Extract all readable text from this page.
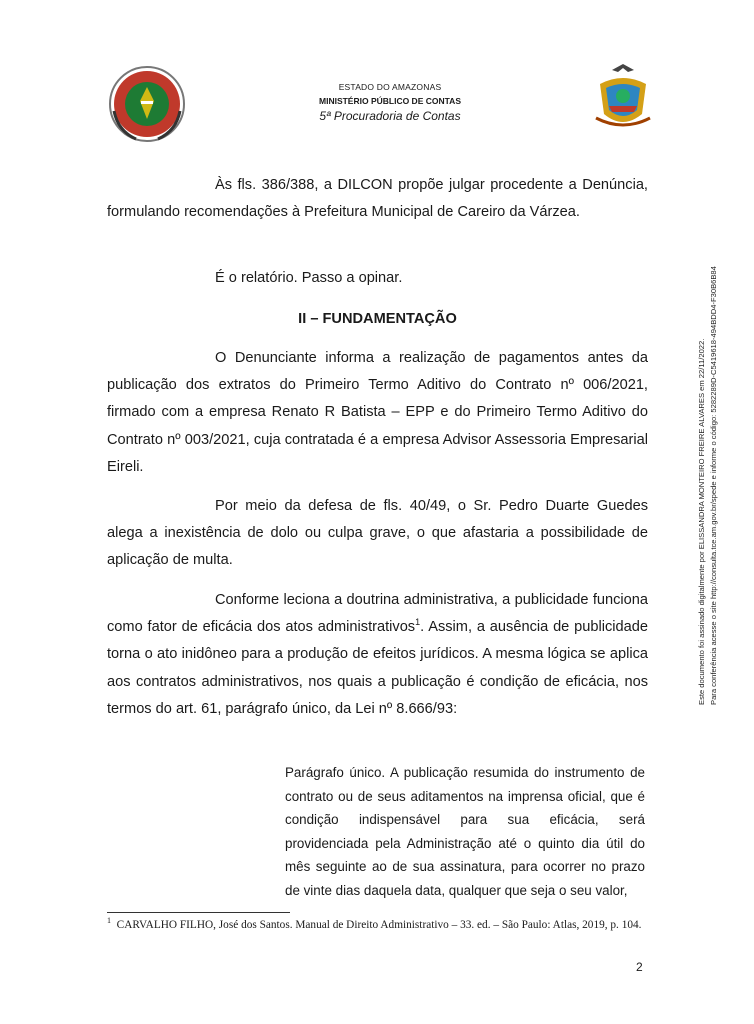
ESTADO DO AMAZONAS
MINISTÉRIO PÚBLICO DE CONTAS
5ª Procuradoria de Contas

Às fls. 386/388, a DILCON propõe julgar procedente a Denúncia, formulando recomendações à Prefeitura Municipal de Careiro da Várzea.

É o relatório. Passo a opinar.

II – FUNDAMENTAÇÃO

O Denunciante informa a realização de pagamentos antes da publicação dos extratos do Primeiro Termo Aditivo do Contrato nº 006/2021, firmado com a empresa Renato R Batista – EPP e do Primeiro Termo Aditivo do Contrato nº 003/2021, cuja contratada é a empresa Advisor Assessoria Empresarial Eireli.

Por meio da defesa de fls. 40/49, o Sr. Pedro Duarte Guedes alega a inexistência de dolo ou culpa grave, o que afastaria a possibilidade de aplicação de multa.

Conforme leciona a doutrina administrativa, a publicidade funciona como fator de eficácia dos atos administrativos$^1$. Assim, a ausência de publicidade torna o ato inidôneo para a produção de efeitos jurídicos. A mesma lógica se aplica aos contratos administrativos, nos quais a publicação é condição de eficácia, nos termos do art. 61, parágrafo único, da Lei nº 8.666/93:

Parágrafo único. A publicação resumida do instrumento de contrato ou de seus aditamentos na imprensa oficial, que é condição indispensável para sua eficácia, será providenciada pela Administração até o quinto dia útil do mês seguinte ao de sua assinatura, para ocorrer no prazo de vinte dias daquela data, qualquer que seja o seu valor,

$^1$ CARVALHO FILHO, José dos Santos. Manual de Direito Administrativo – 33. ed. – São Paulo: Atlas, 2019, p. 104.
2
Este documento foi assinado digitalmente por ELISSANDRA MONTEIRO FREIRE ALVARES em 22/11/2022. Para conferência acesse o site http://consulta.tce.am.gov.br/spede e informe o código: 5282289D-C5419618-494BDD4-F30B6B84
